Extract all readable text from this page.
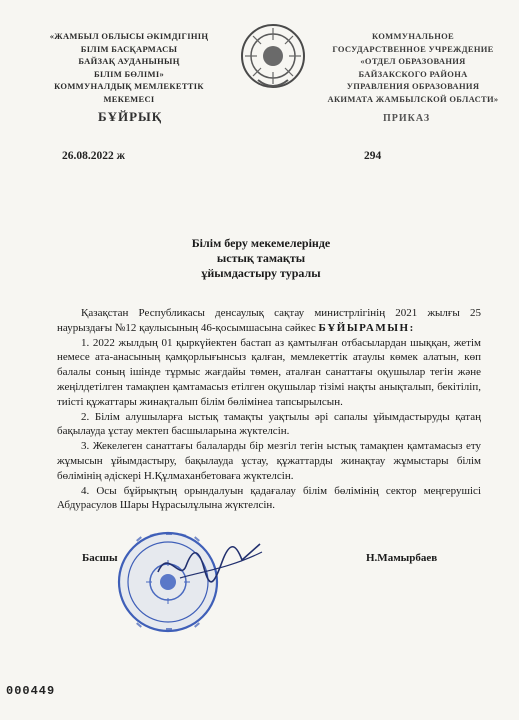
«ЖАМБЫЛ ОБЛЫСЫ ӘКІМДІГІНІҢ
БІЛІМ БАСҚАРМАСЫ
БАЙЗАҚ АУДАНЫНЫҢ
БІЛІМ БӨЛІМІ»
КОММУНАЛДЫҚ МЕМЛЕКЕТТІК
МЕКЕМЕСІ
КОММУНАЛЬНОЕ
ГОСУДАРСТВЕННОЕ УЧРЕЖДЕНИЕ
«ОТДЕЛ ОБРАЗОВАНИЯ
БАЙЗАКСКОГО РАЙОНА
УПРАВЛЕНИЯ ОБРАЗОВАНИЯ
АКИМАТА ЖАМБЫЛСКОЙ ОБЛАСТИ»
БҰЙРЫҚ	ПРИКАЗ
26.08.2022 ж	294
Білім беру мекемелерінде
ыстық тамақты
ұйымдастыру туралы

Қазақстан Республикасы денсаулық сақтау министрлігінің 2021 жылғы 25 наурыздағы №12 қаулысының 46-қосымшасына сәйкес БҰЙЫРАМЫН:

1. 2022 жылдың 01 қыркүйектен бастап аз қамтылған отбасылардан шыққан, жетім немесе ата-анасының қамқорлығынсыз қалған, мемлекеттік атаулы көмек алатын, көп балалы соның ішінде тұрмыс жағдайы төмен, аталған санаттағы оқушылар тегін және жеңілдетілген тамақпен қамтамасыз етілген оқушылар тізімі нақты анықталып, бекітіліп, тиісті құжаттары жинақталып білім бөлімінеа тапсырылсын.

2. Білім алушыларға ыстық тамақты уақтылы әрі сапалы ұйымдастыруды қатаң бақылауда ұстау мектеп басшыларына жүктелсін.

3. Жекелеген санаттағы балаларды бір мезгіл тегін ыстық тамақпен қамтамасыз ету жұмысын ұйымдастыру, бақылауда ұстау, құжаттарды жинақтау жұмыстары білім бөлімінің әдіскері Н.Құлмаханбетоваға жүктелсін.

4. Осы бұйрықтың орындалуын қадағалау білім бөлімінің сектор меңгерушісі Абдурасулов Шары Нұрасылұлына жүктелсін.

Басшы	Н.Мамырбаев
000449
